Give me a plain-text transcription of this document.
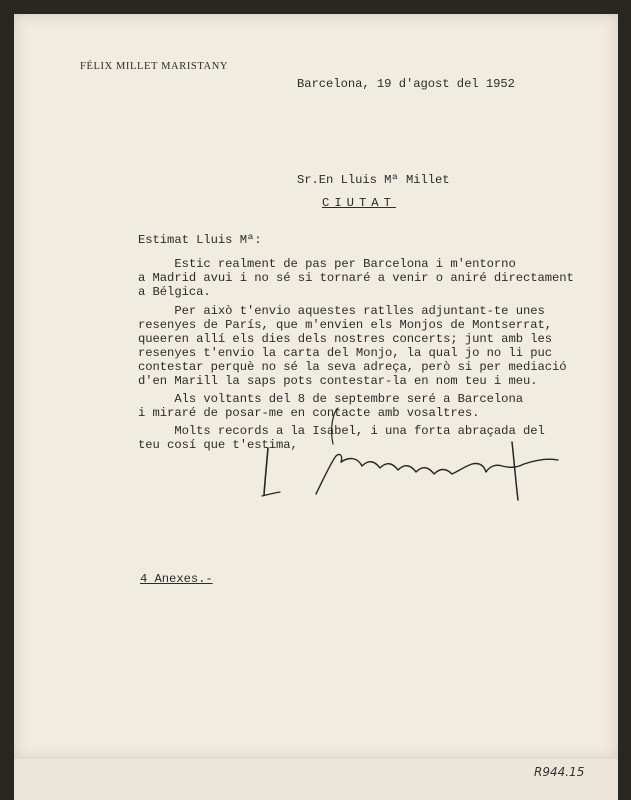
FÉLIX MILLET MARISTANY

Barcelona, 19 d'agost del 1952

Sr.En Lluis Mª Millet

CIUTAT

Estimat Lluis Mª:

Estic realment de pas per Barcelona i m'entorno

a Madrid avui i no sé si tornaré a venir o aniré directament

a Bélgica.

Per això t'envio aquestes ratlles adjuntant-te unes

resenyes de París, que m'envien els Monjos de Montserrat,

queeren allí els dies dels nostres concerts; junt amb les

resenyes t'envio la carta del Monjo, la qual jo no li puc

contestar perquè no sé la seva adreça, però si per mediació

d'en Marill la saps pots contestar-la en nom teu i meu.

Als voltants del 8 de septembre seré a Barcelona

i miraré de posar-me en contacte amb vosaltres.

Molts records a la Isabel, i una forta abraçada del

teu cosí que t'estima,

4 Anexes.-

R944.15
